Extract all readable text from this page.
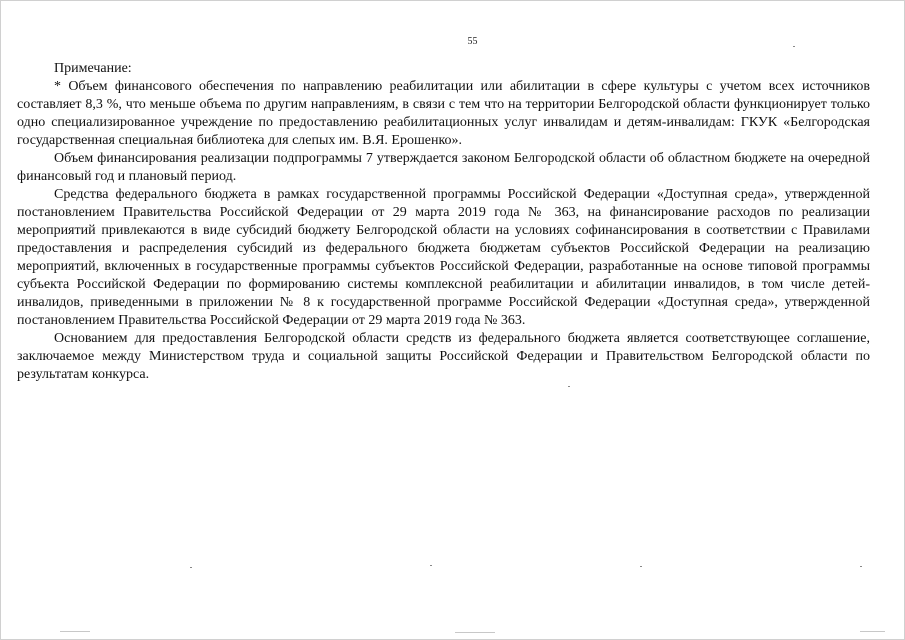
55

Примечание:

* Объем финансового обеспечения по направлению реабилитации или абилитации в сфере культуры с учетом всех источников составляет 8,3 %, что меньше объема по другим направлениям, в связи с тем что на территории Белгородской области функционирует только одно специализированное учреждение по предоставлению реабилитационных услуг инвалидам и детям-инвалидам: ГКУК «Белгородская государственная специальная библиотека для слепых им. В.Я. Ерошенко».

Объем финансирования реализации подпрограммы 7 утверждается законом Белгородской области об областном бюджете на очередной финансовый год и плановый период.

Средства федерального бюджета в рамках государственной программы Российской Федерации «Доступная среда», утвержденной постановлением Правительства Российской Федерации от 29 марта 2019 года № 363, на финансирование расходов по реализации мероприятий привлекаются в виде субсидий бюджету Белгородской области на условиях софинансирования в соответствии с Правилами предоставления и распределения субсидий из федерального бюджета бюджетам субъектов Российской Федерации на реализацию мероприятий, включенных в государственные программы субъектов Российской Федерации, разработанные на основе типовой программы субъекта Российской Федерации по формированию системы комплексной реабилитации и абилитации инвалидов, в том числе детей-инвалидов, приведенными в приложении № 8 к государственной программе Российской Федерации «Доступная среда», утвержденной постановлением Правительства Российской Федерации от 29 марта 2019 года № 363.

Основанием для предоставления Белгородской области средств из федерального бюджета является соответствующее соглашение, заключаемое между Министерством труда и социальной защиты Российской Федерации и Правительством Белгородской области по результатам конкурса.
